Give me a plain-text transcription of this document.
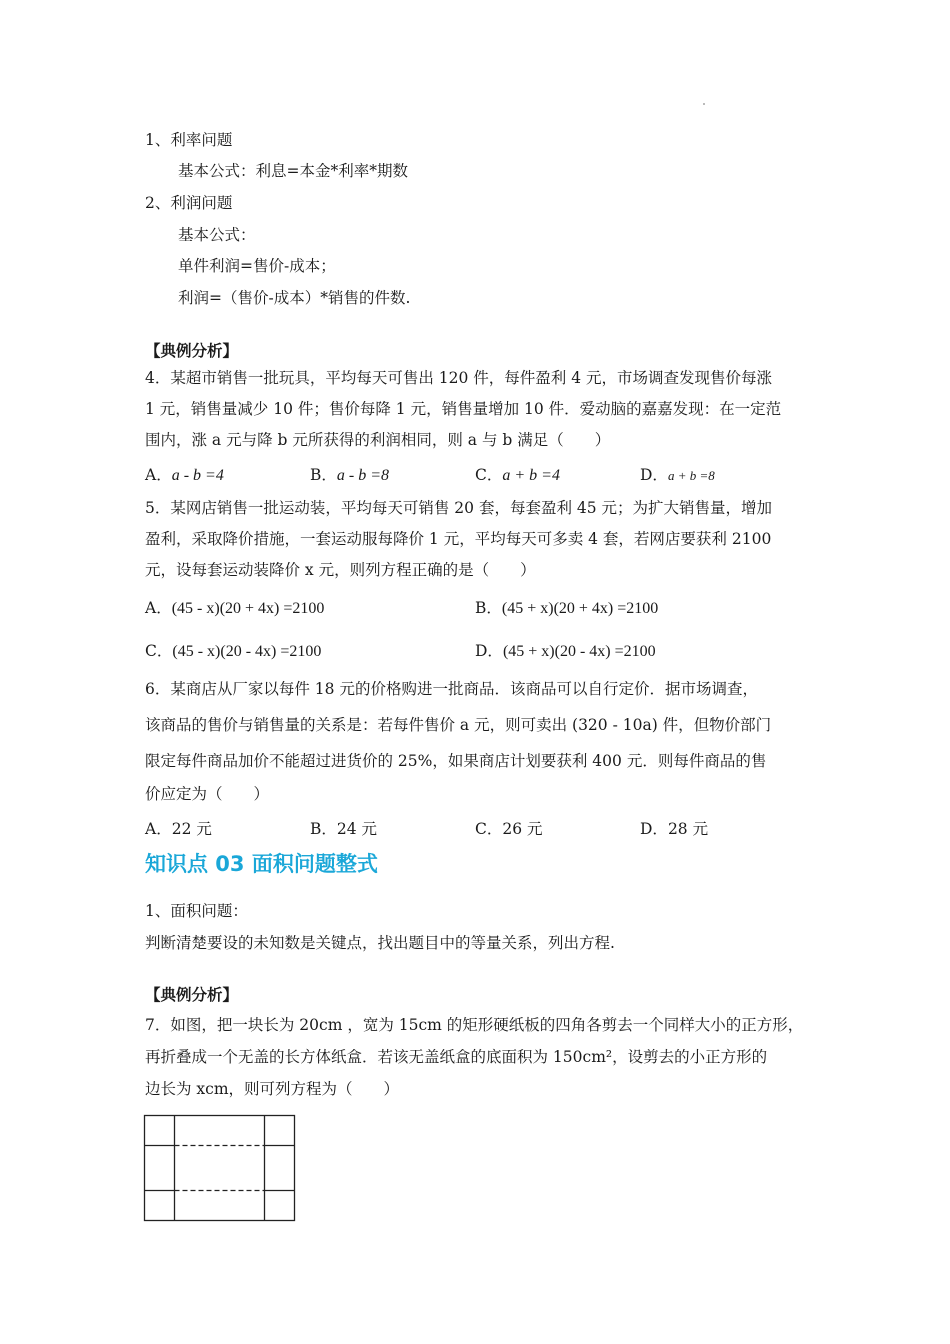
1、利率问题
基本公式：利息=本金*利率*期数
2、利润问题
基本公式：
单件利润=售价-成本；
利润=（售价-成本）*销售的件数.
【典例分析】
4．某超市销售一批玩具，平均每天可售出 120 件，每件盈利 4 元，市场调查发现售价每涨
1 元，销售量减少 10 件；售价每降 1 元，销售量增加 10 件．爱动脑的嘉嘉发现：在一定范
围内，涨 a 元与降 b 元所获得的利润相同，则 a 与 b 满足（　　）
A．a - b =4	B．a - b =8	C．a + b =4	D．a + b =8
5．某网店销售一批运动装，平均每天可销售 20 套，每套盈利 45 元；为扩大销售量，增加
盈利，采取降价措施，一套运动服每降价 1 元，平均每天可多卖 4 套，若网店要获利 2100
元，设每套运动装降价 x 元，则列方程正确的是（　　）
A．(45 - x)(20 + 4x) =2100	B．(45 + x)(20 + 4x) =2100
C．(45 - x)(20 - 4x) =2100	D．(45 + x)(20 - 4x) =2100
6．某商店从厂家以每件 18 元的价格购进一批商品．该商品可以自行定价．据市场调查，
该商品的售价与销售量的关系是：若每件售价 a 元，则可卖出 (320 - 10a) 件，但物价部门
限定每件商品加价不能超过进货价的 25%，如果商店计划要获利 400 元．则每件商品的售
价应定为（　　）
A．22 元	B．24 元	C．26 元	D．28 元
知识点 03 面积问题整式
1、面积问题：
判断清楚要设的未知数是关键点，找出题目中的等量关系，列出方程.
【典例分析】
7．如图，把一块长为 20cm ，宽为 15cm 的矩形硬纸板的四角各剪去一个同样大小的正方形，
再折叠成一个无盖的长方体纸盒．若该无盖纸盒的底面积为 150cm²，设剪去的小正方形的
边长为 xcm，则可列方程为（　　）
